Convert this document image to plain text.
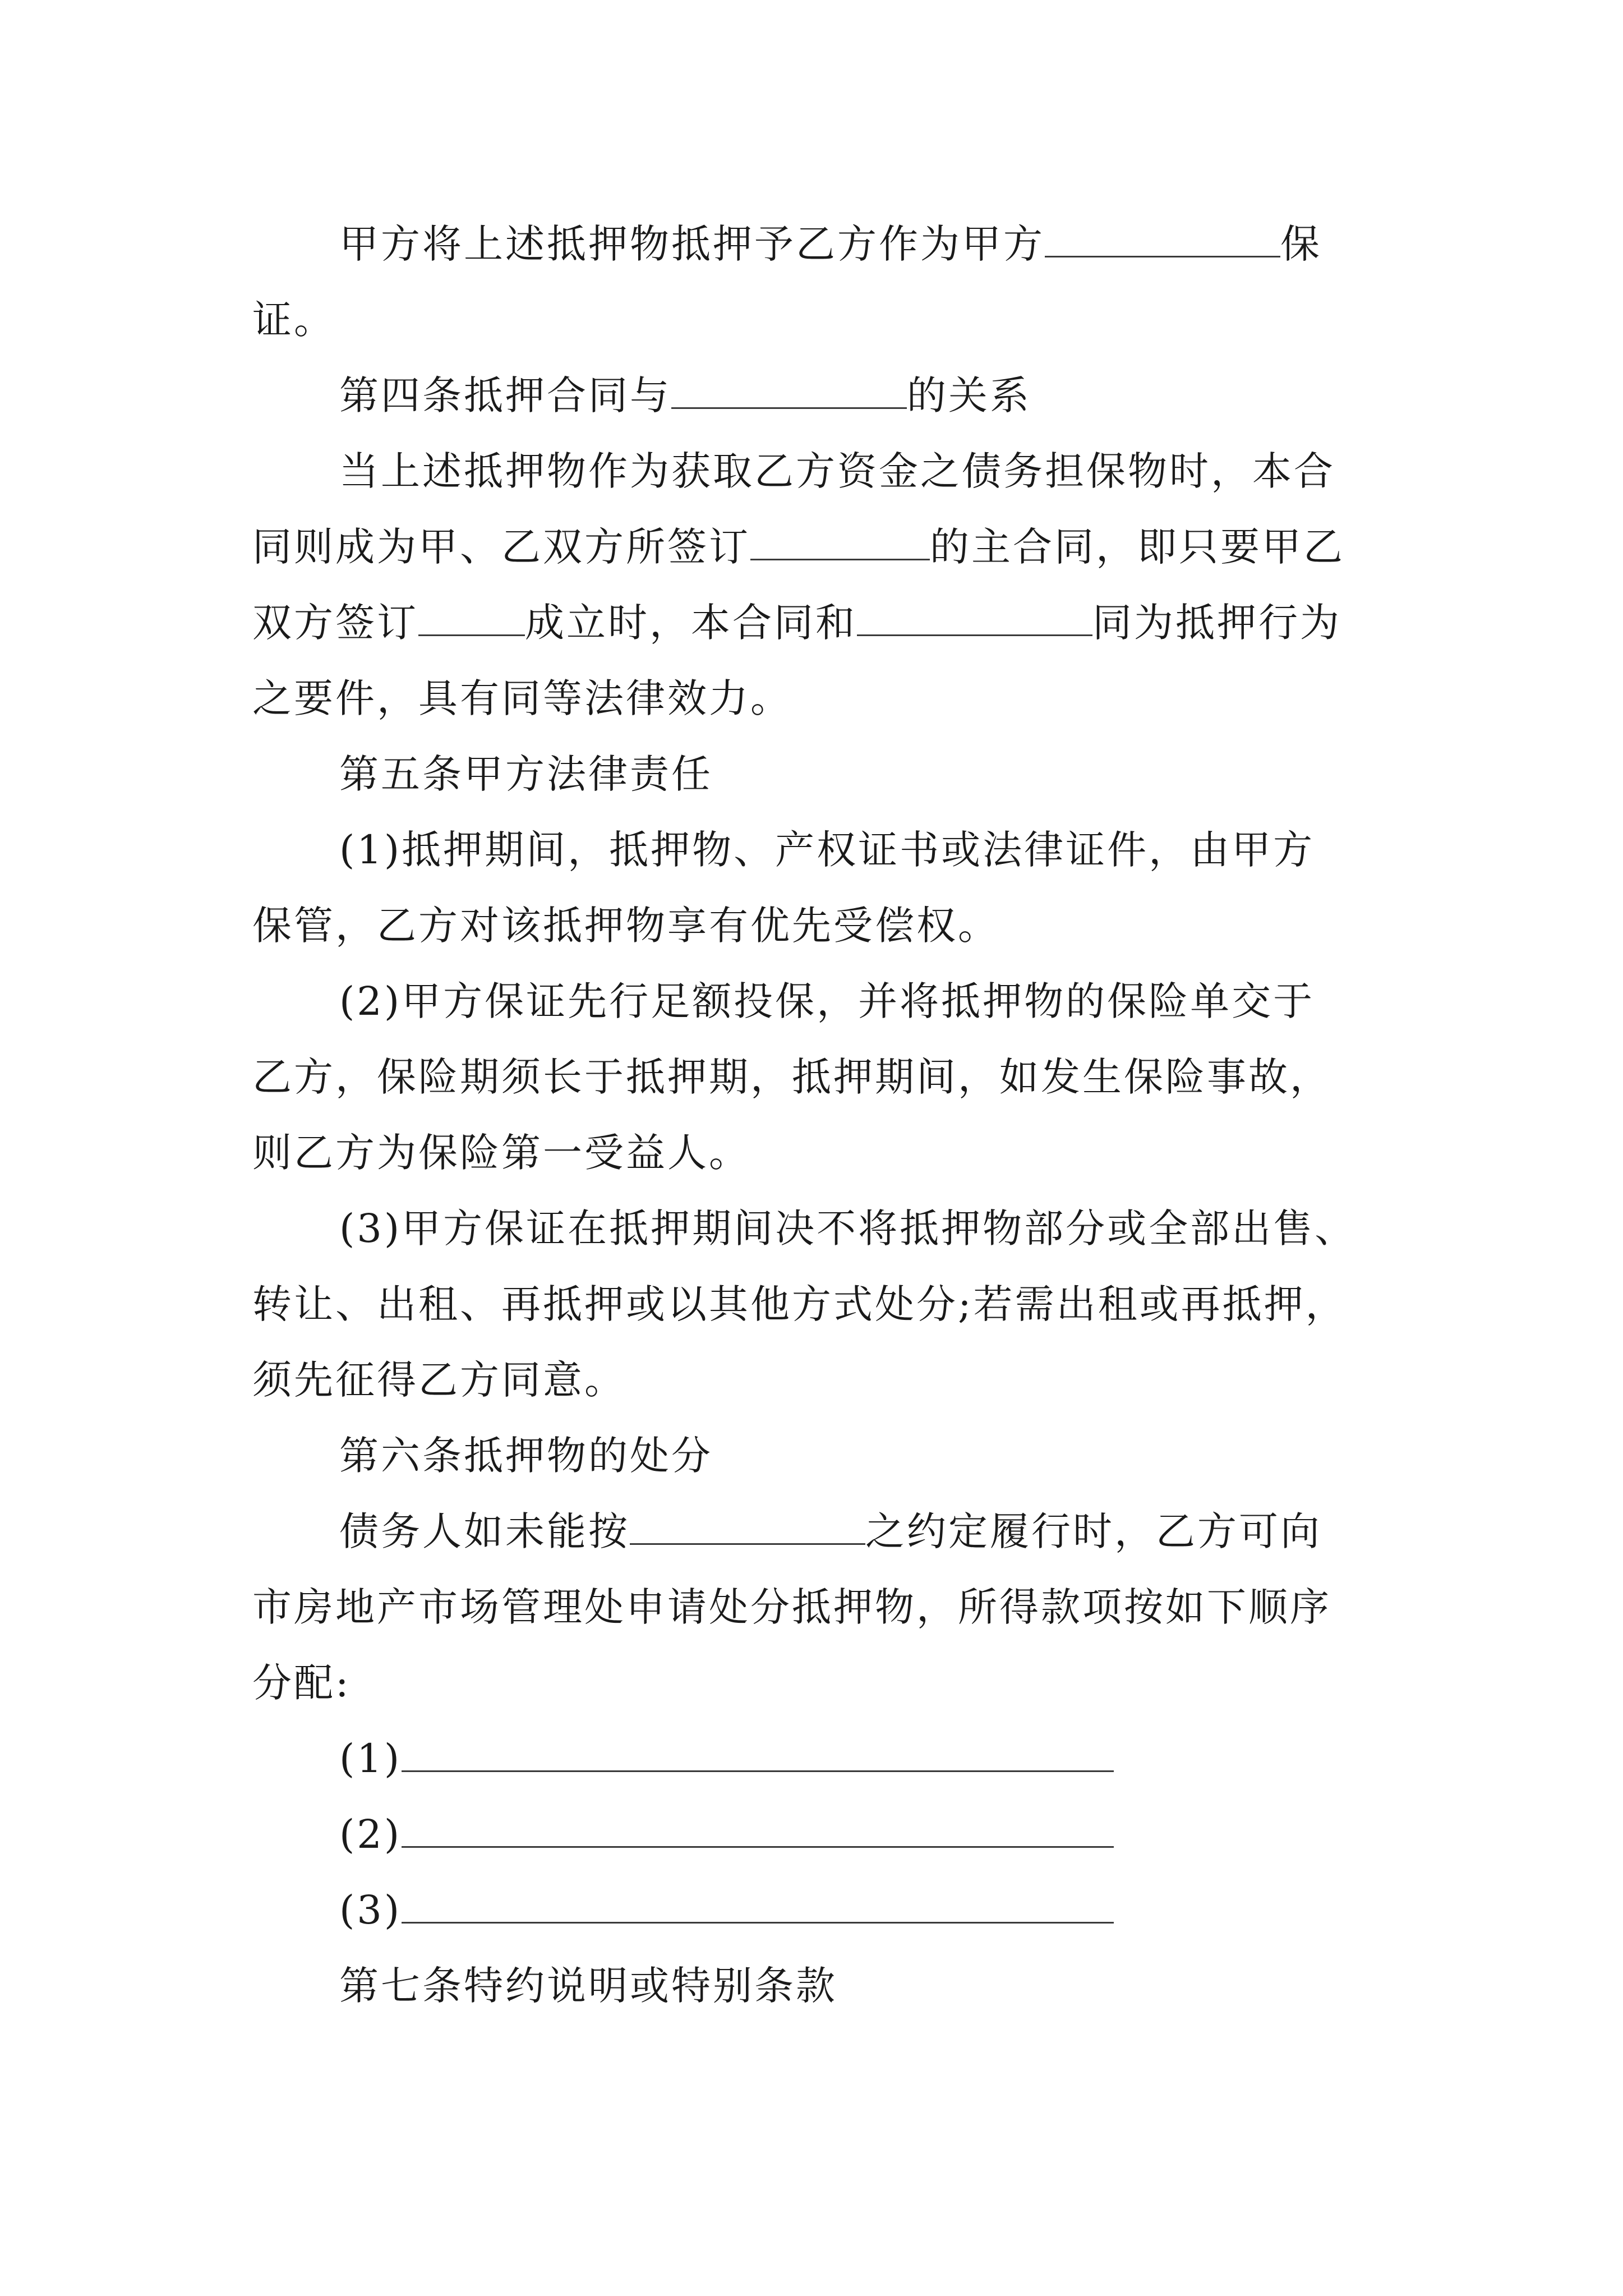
甲方将上述抵押物抵押予乙方作为甲方	保
证。
第四条抵押合同与	的关系
当上述抵押物作为获取乙方资金之债务担保物时，本合
同则成为甲、乙双方所签订	的主合同，即只要甲乙
双方签订	成立时，本合同和	同为抵押行为
之要件，具有同等法律效力。
第五条甲方法律责任
(1)抵押期间，抵押物、产权证书或法律证件，由甲方
保管，乙方对该抵押物享有优先受偿权。
(2)甲方保证先行足额投保，并将抵押物的保险单交于
乙方，保险期须长于抵押期，抵押期间，如发生保险事故，
则乙方为保险第一受益人。
(3)甲方保证在抵押期间决不将抵押物部分或全部出售、
转让、出租、再抵押或以其他方式处分;若需出租或再抵押，
须先征得乙方同意。
第六条抵押物的处分
债务人如未能按	之约定履行时，乙方可向
市房地产市场管理处申请处分抵押物，所得款项按如下顺序
分配:
(1)
(2)
(3)
第七条特约说明或特别条款
